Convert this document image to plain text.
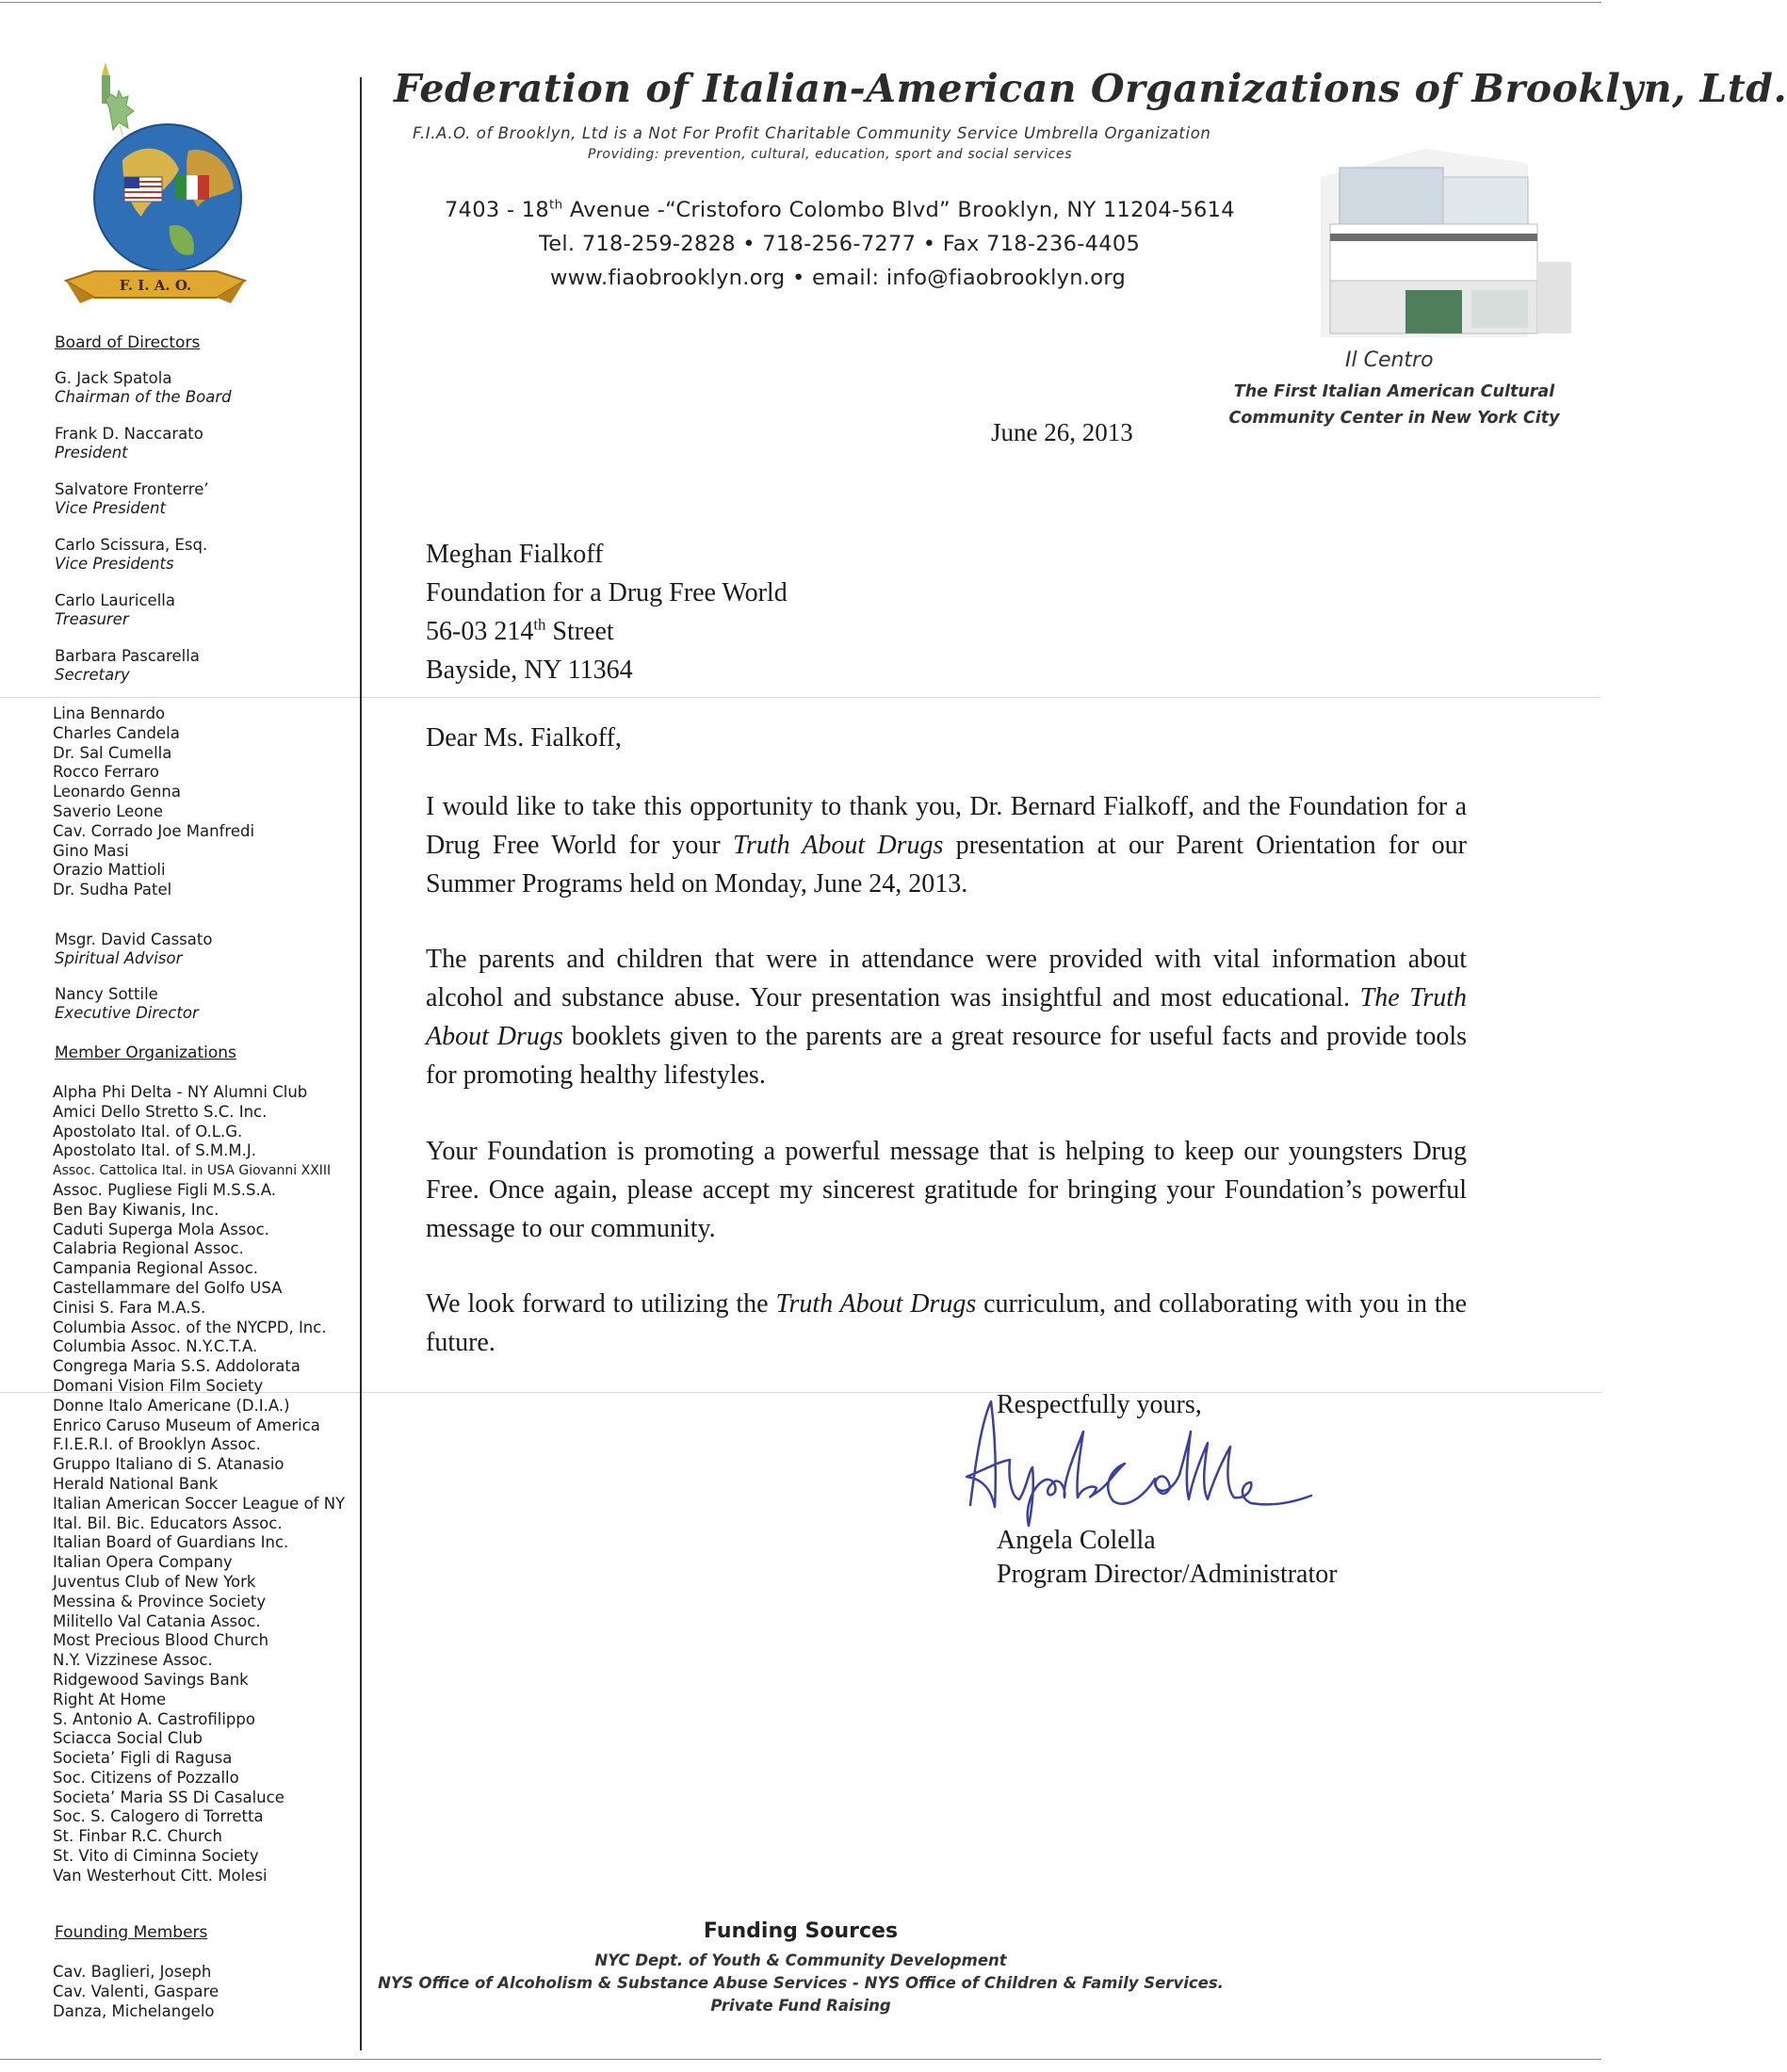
F. I. A. O.
Federation of Italian-American Organizations of Brooklyn, Ltd.
F.I.A.O. of Brooklyn, Ltd is a Not For Profit Charitable Community Service Umbrella Organization
Providing: prevention, cultural, education, sport and social services
7403 - 18th Avenue -“Cristoforo Colombo Blvd” Brooklyn, NY 11204-5614
Tel. 718-259-2828 • 718-256-7277 • Fax 718-236-4405
www.fiaobrooklyn.org • email: info@fiaobrooklyn.org
Il Centro
The First Italian American Cultural
Community Center in New York City
Board of Directors
G. Jack Spatola
Chairman of the Board
Frank D. Naccarato
President
Salvatore Fronterre’
Vice President
Carlo Scissura, Esq.
Vice Presidents
Carlo Lauricella
Treasurer
Barbara Pascarella
Secretary
Lina Bennardo
Charles Candela
Dr. Sal Cumella
Rocco Ferraro
Leonardo Genna
Saverio Leone
Cav. Corrado Joe Manfredi
Gino Masi
Orazio Mattioli
Dr. Sudha Patel
Msgr. David Cassato
Spiritual Advisor
Nancy Sottile
Executive Director
Member Organizations
Alpha Phi Delta - NY Alumni Club
Amici Dello Stretto S.C. Inc.
Apostolato Ital. of O.L.G.
Apostolato Ital. of S.M.M.J.
Assoc. Cattolica Ital. in USA Giovanni XXIII
Assoc. Pugliese Figli M.S.S.A.
Ben Bay Kiwanis, Inc.
Caduti Superga Mola Assoc.
Calabria Regional Assoc.
Campania Regional Assoc.
Castellammare del Golfo USA
Cinisi S. Fara M.A.S.
Columbia Assoc. of the NYCPD, Inc.
Columbia Assoc. N.Y.C.T.A.
Congrega Maria S.S. Addolorata
Domani Vision Film Society
Donne Italo Americane (D.I.A.)
Enrico Caruso Museum of America
F.I.E.R.I. of Brooklyn Assoc.
Gruppo Italiano di S. Atanasio
Herald National Bank
Italian American Soccer League of NY
Ital. Bil. Bic. Educators Assoc.
Italian Board of Guardians Inc.
Italian Opera Company
Juventus Club of New York
Messina & Province Society
Militello Val Catania Assoc.
Most Precious Blood Church
N.Y. Vizzinese Assoc.
Ridgewood Savings Bank
Right At Home
S. Antonio A. Castrofilippo
Sciacca Social Club
Societa’ Figli di Ragusa
Soc. Citizens of Pozzallo
Societa’ Maria SS Di Casaluce
Soc. S. Calogero di Torretta
St. Finbar R.C. Church
St. Vito di Ciminna Society
Van Westerhout Citt. Molesi
Founding Members
Cav. Baglieri, Joseph
Cav. Valenti, Gaspare
Danza, Michelangelo
June 26, 2013
Meghan Fialkoff
Foundation for a Drug Free World
56-03 214th Street
Bayside, NY 11364
Dear Ms. Fialkoff,
I would like to take this opportunity to thank you, Dr. Bernard Fialkoff, and the Foundation for a Drug Free World for your Truth About Drugs presentation at our Parent Orientation for our Summer Programs held on Monday, June 24, 2013.
The parents and children that were in attendance were provided with vital information about alcohol and substance abuse. Your presentation was insightful and most educational. The Truth About Drugs booklets given to the parents are a great resource for useful facts and provide tools for promoting healthy lifestyles.
Your Foundation is promoting a powerful message that is helping to keep our youngsters Drug Free. Once again, please accept my sincerest gratitude for bringing your Foundation’s powerful message to our community.
We look forward to utilizing the Truth About Drugs curriculum, and collaborating with you in the future.
Respectfully yours,
Angela Colella
Program Director/Administrator
Funding Sources
NYC Dept. of Youth & Community Development
NYS Office of Alcoholism & Substance Abuse Services - NYS Office of Children & Family Services.
Private Fund Raising
